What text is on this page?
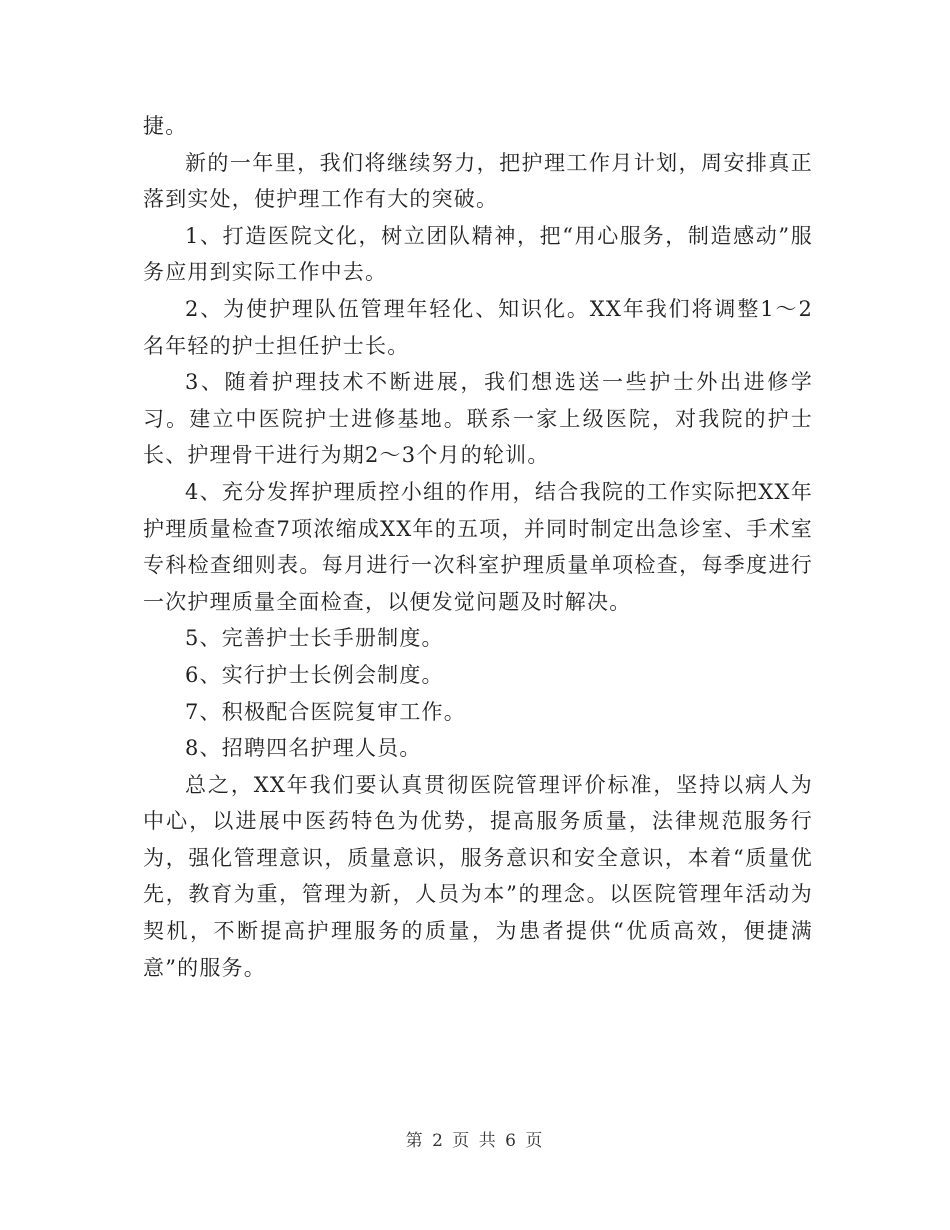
捷。

新的一年里，我们将继续努力，把护理工作月计划，周安排真正落到实处，使护理工作有大的突破。

1、打造医院文化，树立团队精神，把“用心服务，制造感动”服务应用到实际工作中去。

2、为使护理队伍管理年轻化、知识化。XX年我们将调整1～2名年轻的护士担任护士长。

3、随着护理技术不断进展，我们想选送一些护士外出进修学习。建立中医院护士进修基地。联系一家上级医院，对我院的护士长、护理骨干进行为期2～3个月的轮训。

4、充分发挥护理质控小组的作用，结合我院的工作实际把XX年护理质量检查7项浓缩成XX年的五项，并同时制定出急诊室、手术室专科检查细则表。每月进行一次科室护理质量单项检查，每季度进行一次护理质量全面检查，以便发觉问题及时解决。

5、完善护士长手册制度。

6、实行护士长例会制度。

7、积极配合医院复审工作。

8、招聘四名护理人员。

总之，XX年我们要认真贯彻医院管理评价标准，坚持以病人为中心，以进展中医药特色为优势，提高服务质量，法律规范服务行为，强化管理意识，质量意识，服务意识和安全意识，本着“质量优先，教育为重，管理为新，人员为本”的理念。以医院管理年活动为契机，不断提高护理服务的质量，为患者提供“优质高效，便捷满意”的服务。

第 2 页 共 6 页
